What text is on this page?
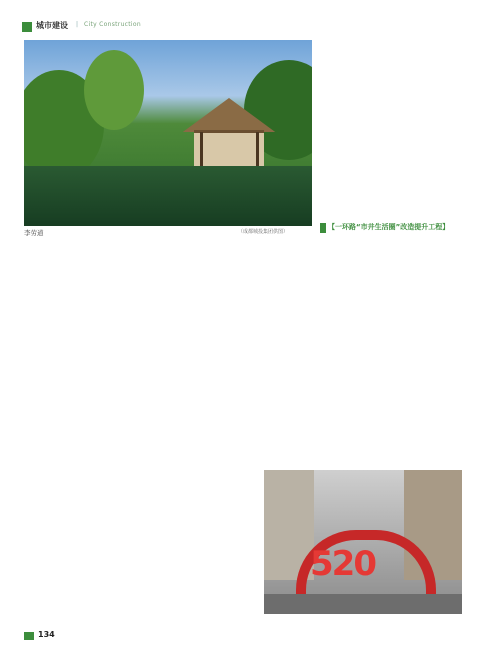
城市建设 | City Construction
李劳道	（成都城投集团供图）
【一环路“市井生活圈”改造提升工程】
520
134
